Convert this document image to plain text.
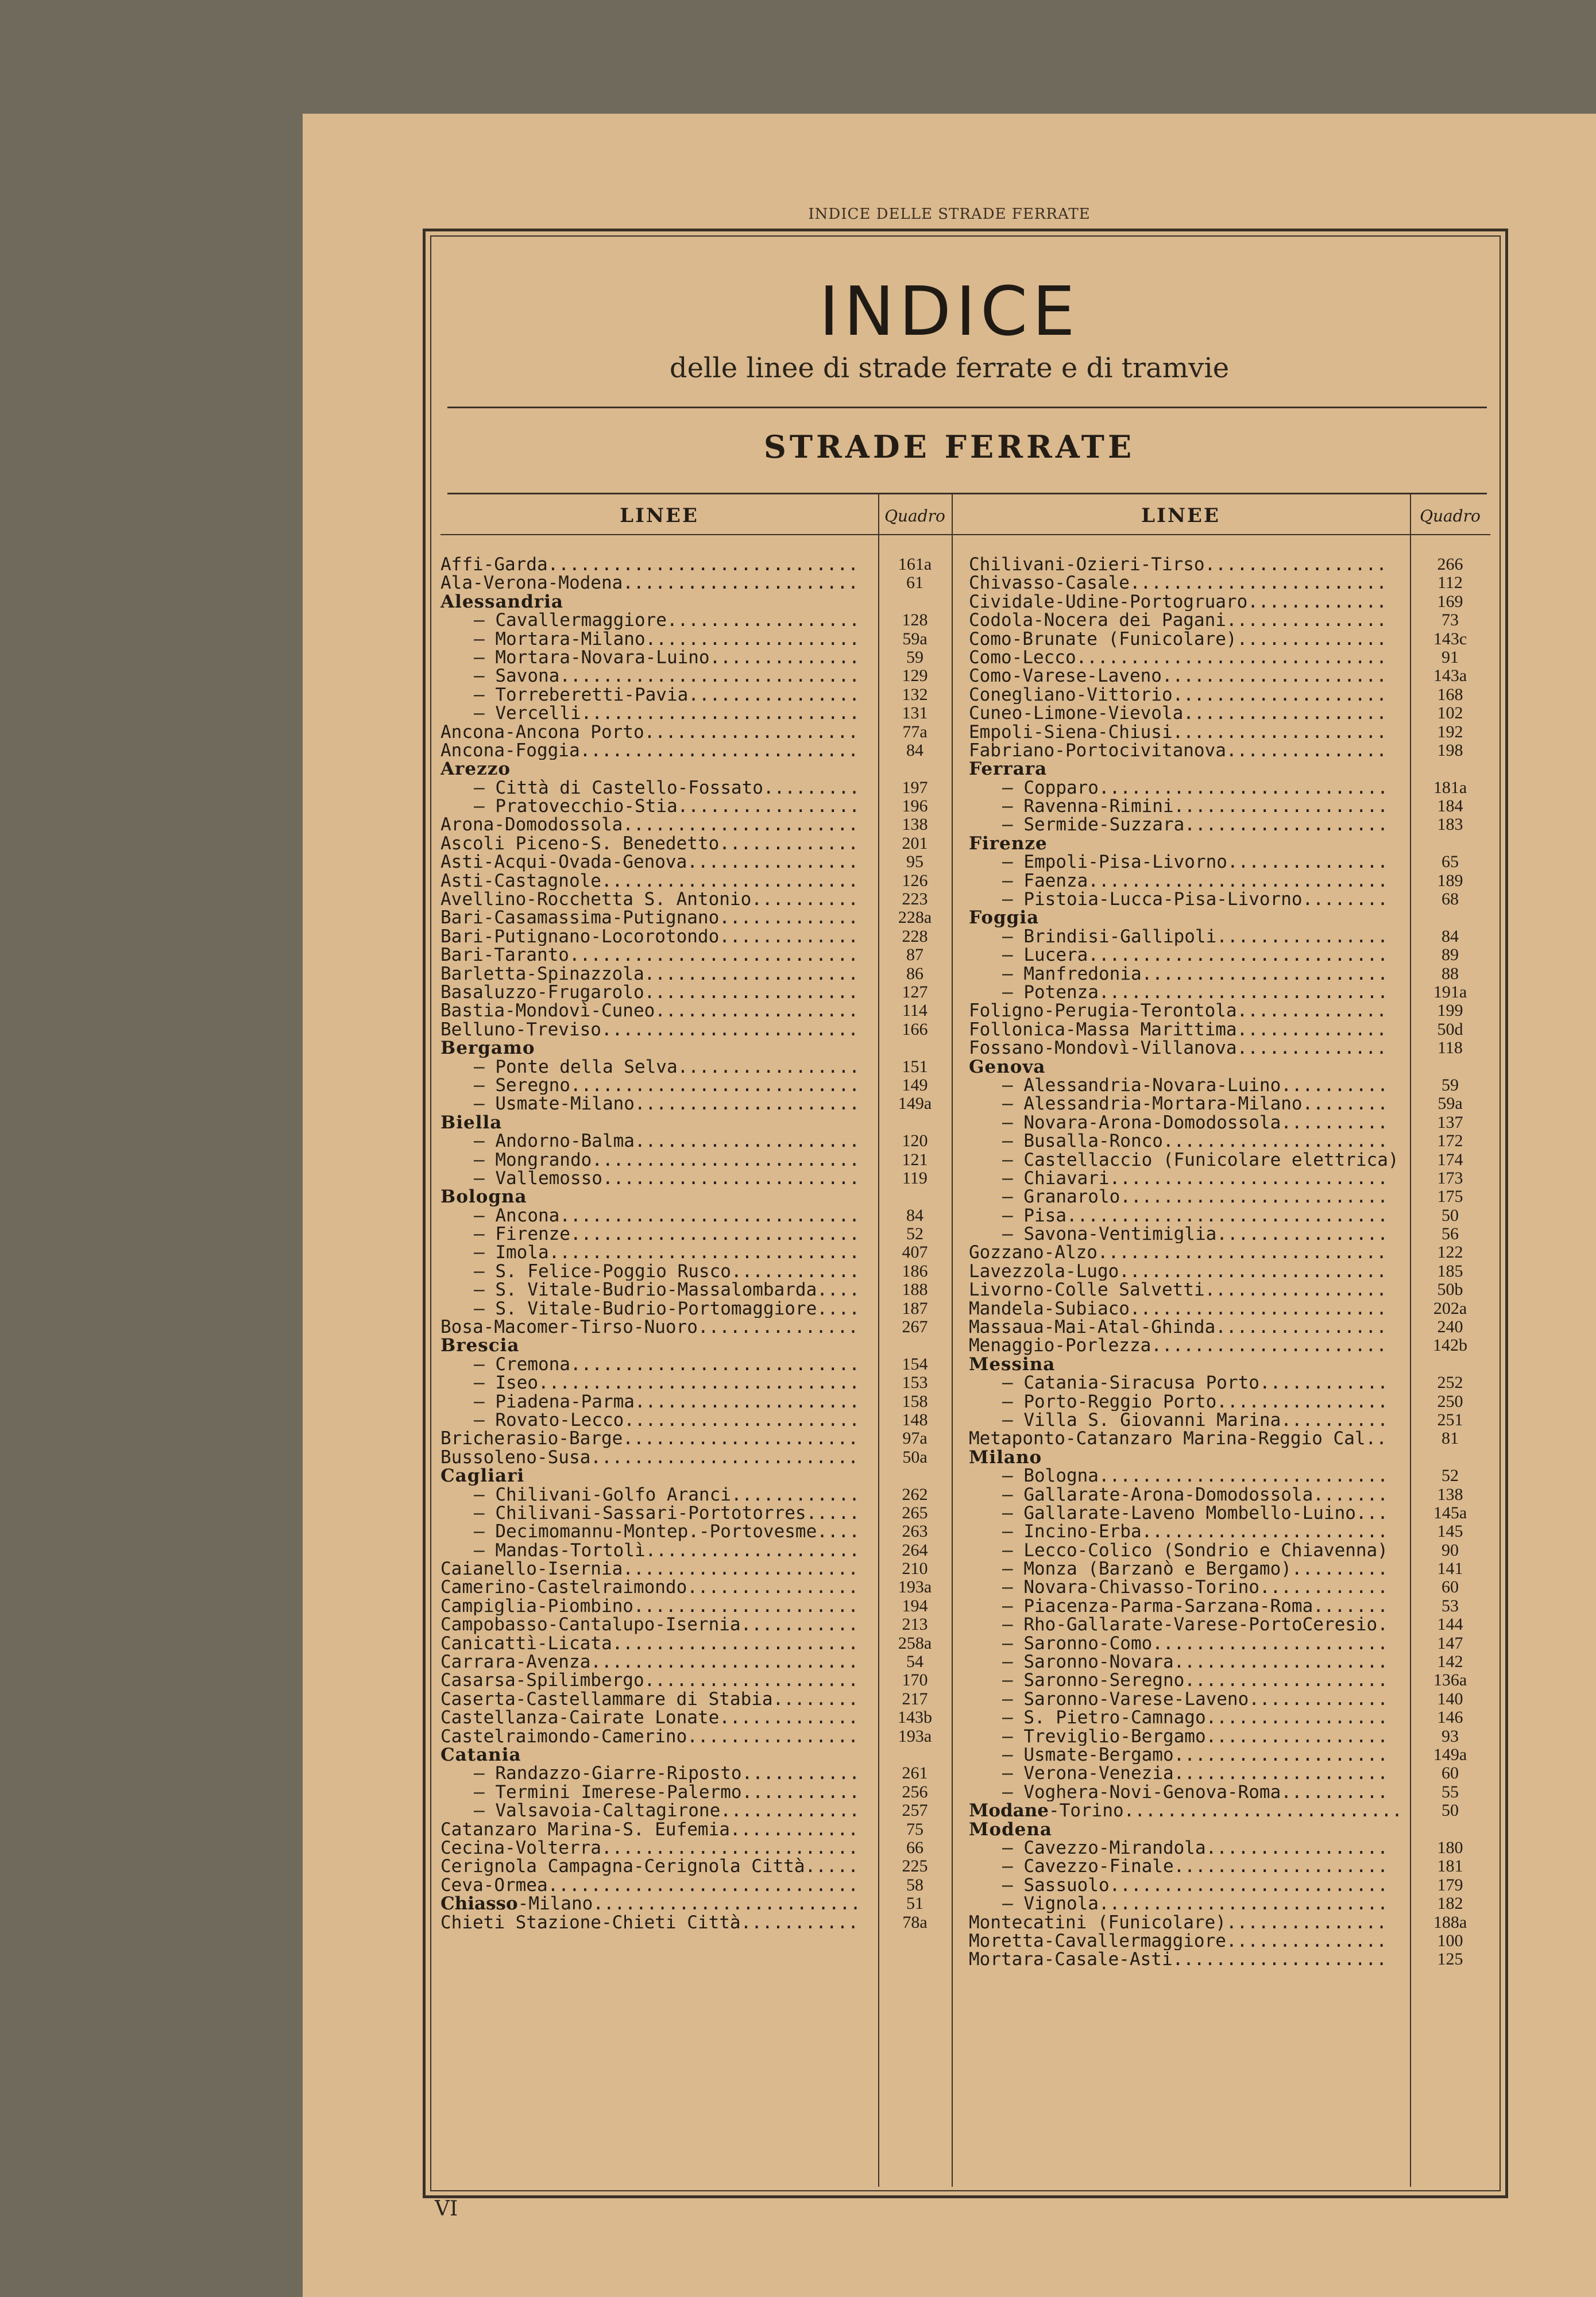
INDICE DELLE STRADE FERRATE
INDICE
delle linee di strade ferrate e di tramvie
STRADE FERRATE
LINEE	Quadro	LINEE	Quadro
Affi-Garda.............................	161a
Ala-Verona-Modena......................	61
Alessandria
— Cavallermaggiore..................	128
— Mortara-Milano....................	59a
— Mortara-Novara-Luino..............	59
— Savona............................	129
— Torreberetti-Pavia................	132
— Vercelli..........................	131
Ancona-Ancona Porto....................	77a
Ancona-Foggia..........................	84
Arezzo
— Città di Castello-Fossato.........	197
— Pratovecchio-Stia.................	196
Arona-Domodossola......................	138
Ascoli Piceno-S. Benedetto.............	201
Asti-Acqui-Ovada-Genova................	95
Asti-Castagnole........................	126
Avellino-Rocchetta S. Antonio..........	223
Bari-Casamassima-Putignano.............	228a
Bari-Putignano-Locorotondo.............	228
Bari-Taranto...........................	87
Barletta-Spinazzola....................	86
Basaluzzo-Frugarolo....................	127
Bastia-Mondovì-Cuneo...................	114
Belluno-Treviso........................	166
Bergamo
— Ponte della Selva.................	151
— Seregno...........................	149
— Usmate-Milano.....................	149a
Biella
— Andorno-Balma.....................	120
— Mongrando.........................	121
— Vallemosso........................	119
Bologna
— Ancona............................	84
— Firenze...........................	52
— Imola.............................	407
— S. Felice-Poggio Rusco............	186
— S. Vitale-Budrio-Massalombarda....	188
— S. Vitale-Budrio-Portomaggiore....	187
Bosa-Macomer-Tirso-Nuoro...............	267
Brescia
— Cremona...........................	154
— Iseo..............................	153
— Piadena-Parma.....................	158
— Rovato-Lecco......................	148
Bricherasio-Barge......................	97a
Bussoleno-Susa.........................	50a
Cagliari
— Chilivani-Golfo Aranci............	262
— Chilivani-Sassari-Portotorres.....	265
— Decimomannu-Montep.-Portovesme....	263
— Mandas-Tortolì....................	264
Caianello-Isernia......................	210
Camerino-Castelraimondo................	193a
Campiglia-Piombino.....................	194
Campobasso-Cantalupo-Isernia...........	213
Canicattì-Licata.......................	258a
Carrara-Avenza.........................	54
Casarsa-Spilimbergo....................	170
Caserta-Castellammare di Stabia........	217
Castellanza-Cairate Lonate.............	143b
Castelraimondo-Camerino................	193a
Catania
— Randazzo-Giarre-Riposto...........	261
— Termini Imerese-Palermo...........	256
— Valsavoia-Caltagirone.............	257
Catanzaro Marina-S. Eufemia............	75
Cecina-Volterra........................	66
Cerignola Campagna-Cerignola Città.....	225
Ceva-Ormea.............................	58
Chiasso-Milano.........................	51
Chieti Stazione-Chieti Città...........	78a
Chilivani-Ozieri-Tirso.................	266
Chivasso-Casale........................	112
Cividale-Udine-Portogruaro.............	169
Codola-Nocera dei Pagani...............	73
Como-Brunate (Funicolare)..............	143c
Como-Lecco.............................	91
Como-Varese-Laveno.....................	143a
Conegliano-Vittorio....................	168
Cuneo-Limone-Vievola...................	102
Empoli-Siena-Chiusi....................	192
Fabriano-Portocivitanova...............	198
Ferrara
— Copparo...........................	181a
— Ravenna-Rimini....................	184
— Sermide-Suzzara...................	183
Firenze
— Empoli-Pisa-Livorno...............	65
— Faenza............................	189
— Pistoia-Lucca-Pisa-Livorno........	68
Foggia
— Brindisi-Gallipoli................	84
— Lucera............................	89
— Manfredonia.......................	88
— Potenza...........................	191a
Foligno-Perugia-Terontola..............	199
Follonica-Massa Marittima..............	50d
Fossano-Mondovì-Villanova..............	118
Genova
— Alessandria-Novara-Luino..........	59
— Alessandria-Mortara-Milano........	59a
— Novara-Arona-Domodossola..........	137
— Busalla-Ronco.....................	172
— Castellaccio (Funicolare elettrica)	174
— Chiavari..........................	173
— Granarolo.........................	175
— Pisa..............................	50
— Savona-Ventimiglia................	56
Gozzano-Alzo...........................	122
Lavezzola-Lugo.........................	185
Livorno-Colle Salvetti.................	50b
Mandela-Subiaco........................	202a
Massaua-Mai-Atal-Ghinda................	240
Menaggio-Porlezza......................	142b
Messina
— Catania-Siracusa Porto............	252
— Porto-Reggio Porto................	250
— Villa S. Giovanni Marina..........	251
Metaponto-Catanzaro Marina-Reggio Cal..	81
Milano
— Bologna...........................	52
— Gallarate-Arona-Domodossola.......	138
— Gallarate-Laveno Mombello-Luino...	145a
— Incino-Erba.......................	145
— Lecco-Colico (Sondrio e Chiavenna)	90
— Monza (Barzanò e Bergamo).........	141
— Novara-Chivasso-Torino............	60
— Piacenza-Parma-Sarzana-Roma.......	53
— Rho-Gallarate-Varese-PortoCeresio.	144
— Saronno-Como......................	147
— Saronno-Novara....................	142
— Saronno-Seregno...................	136a
— Saronno-Varese-Laveno.............	140
— S. Pietro-Camnago.................	146
— Treviglio-Bergamo.................	93
— Usmate-Bergamo....................	149a
— Verona-Venezia....................	60
— Voghera-Novi-Genova-Roma..........	55
Modane-Torino..........................	50
Modena
— Cavezzo-Mirandola.................	180
— Cavezzo-Finale....................	181
— Sassuolo..........................	179
— Vignola...........................	182
Montecatini (Funicolare)...............	188a
Moretta-Cavallermaggiore...............	100
Mortara-Casale-Asti....................	125
VI
